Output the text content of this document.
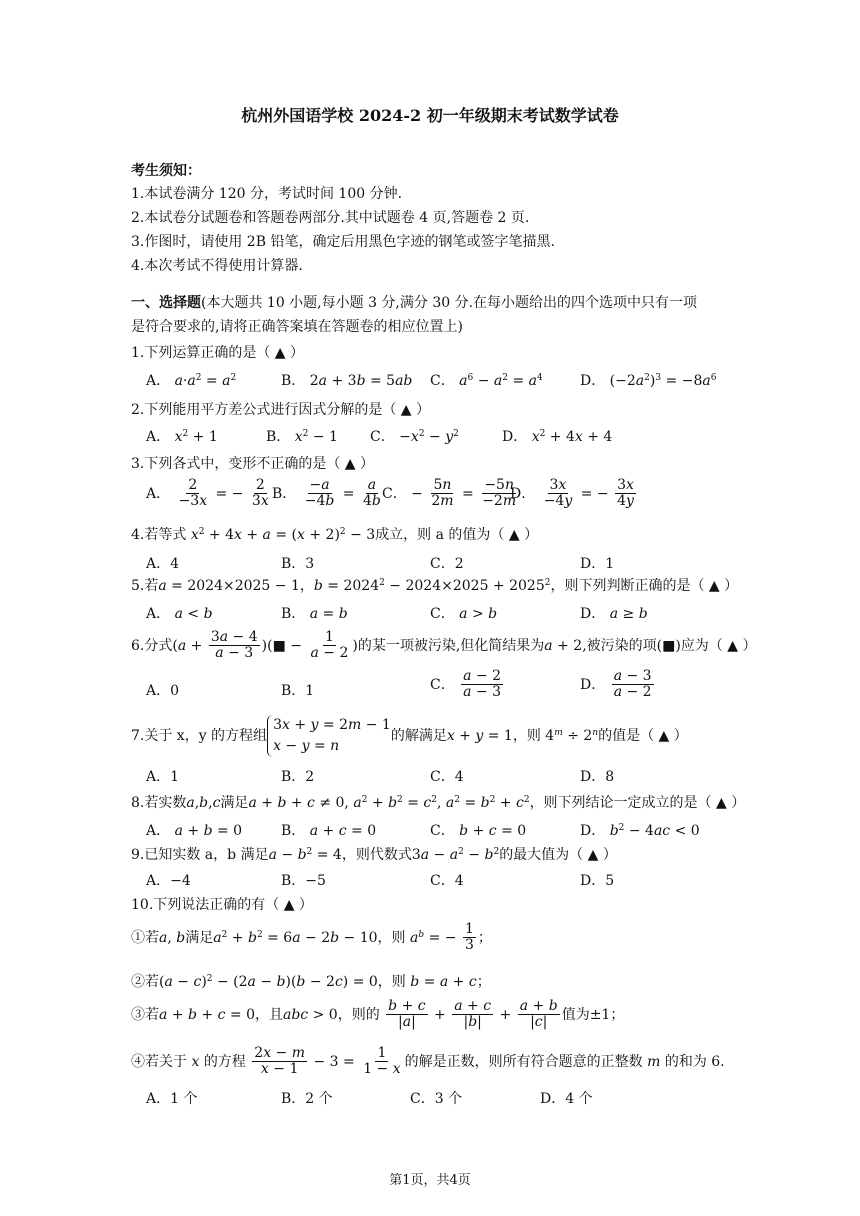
杭州外国语学校 2024-2 初一年级期末考试数学试卷
考生须知：
1.本试卷满分 120 分，考试时间 100 分钟.
2.本试卷分试题卷和答题卷两部分.其中试题卷 4 页,答题卷 2 页.
3.作图时，请使用 2B 铅笔，确定后用黑色字迹的钢笔或签字笔描黑.
4.本次考试不得使用计算器.
一、选择题(本大题共 10 小题,每小题 3 分,满分 30 分.在每小题给出的四个选项中只有一项
是符合要求的,请将正确答案填在答题卷的相应位置上)
1.下列运算正确的是（ ▲ ）
A． $a\cdot a^2 = a^2$	B． 2a + 3b = 5ab C． $a^6 - a^2 = a^4$	D． $(-2a^2)^3 = -8a^6$
2.下列能用平方差公式进行因式分解的是（ ▲ ）
A． $x^2 + 1$	B． $x^2 - 1$ C． $-x^2 - y^2$	D． $x^2 + 4x + 4$
3.下列各式中，变形不正确的是（ ▲ ）
A． $\frac{2}{-3x}$ = − $\frac{2}{3x}$ B． $\frac{-a}{-4b} = \frac{a}{4b}$ C． − $\frac{5n}{2m} = \frac{-5n}{-2m}$
D． $\frac{3x}{-4y}$ = − $\frac{3x}{4y}$
4.若等式 $x^2 + 4x + a = (x + 2)^2 - 3$成立，则 a 的值为（ ▲ ）
A．4	B．3	C．2	D．1
5.若a = 2024×2025 − 1，$b = 2024^2 - 2024\times 2025 + 2025^2$，则下列判断正确的是（ ▲ ）
A． a < b	B． a = b	C． a > b	D． a ≥ b
6.分式($a + \frac{3a - 4}{a - 3}$ )(■ − $\frac{1}{a - 2}$ )的某一项被污染,但化简结果为a + 2,被污染的项(■)应为（ ▲ ）
A．0	B．1	C． $\frac{a - 2}{a - 3}$	D． $\frac{a - 3}{a - 2}$
7.关于 x，y 的方程组
3x + y = 2m − 1
x − y = n
的解满足x + y = 1，则 $4^m \div 2^n$的值是（ ▲ ）
A．1	B．2	C．4	D．8
8.若实数a,b,c满足a + b + c ≠ 0, $a^2 + b^2 = c^2$, $a^2 = b^2 + c^2$，则下列结论一定成立的是（ ▲ ）
A． a + b = 0	B． a + c = 0	C． b + c = 0	D． $b^2 - 4ac < 0$
9.已知实数 a，b 满足$a - b^2 = 4$，则代数式$3a - a^2 - b^2$的最大值为（ ▲ ）
A．−4	B．−5	C．4	D．5
10.下列说法正确的有（ ▲ ）
①若a, b满足$a^2 + b^2 = 6a - 2b - 10$，则 $a^b$ = − $\frac{1}{3}$ ；
②若$(a - c)^2 - (2a - b)(b - 2c) = 0$，则 b = a + c；
③若a + b + c = 0，且abc > 0，则的 $\frac{b + c}{|a|} + \frac{a + c}{|b|} + \frac{a + b}{|c|}$ 值为±1；
④若关于 x 的方程 $\frac{2x - m}{x - 1} - 3 = \frac{1}{1 - x}$ 的解是正数，则所有符合题意的正整数 m 的和为 6.
A．1 个	B．2 个	C．3 个	D．4 个
第1页，共4页
